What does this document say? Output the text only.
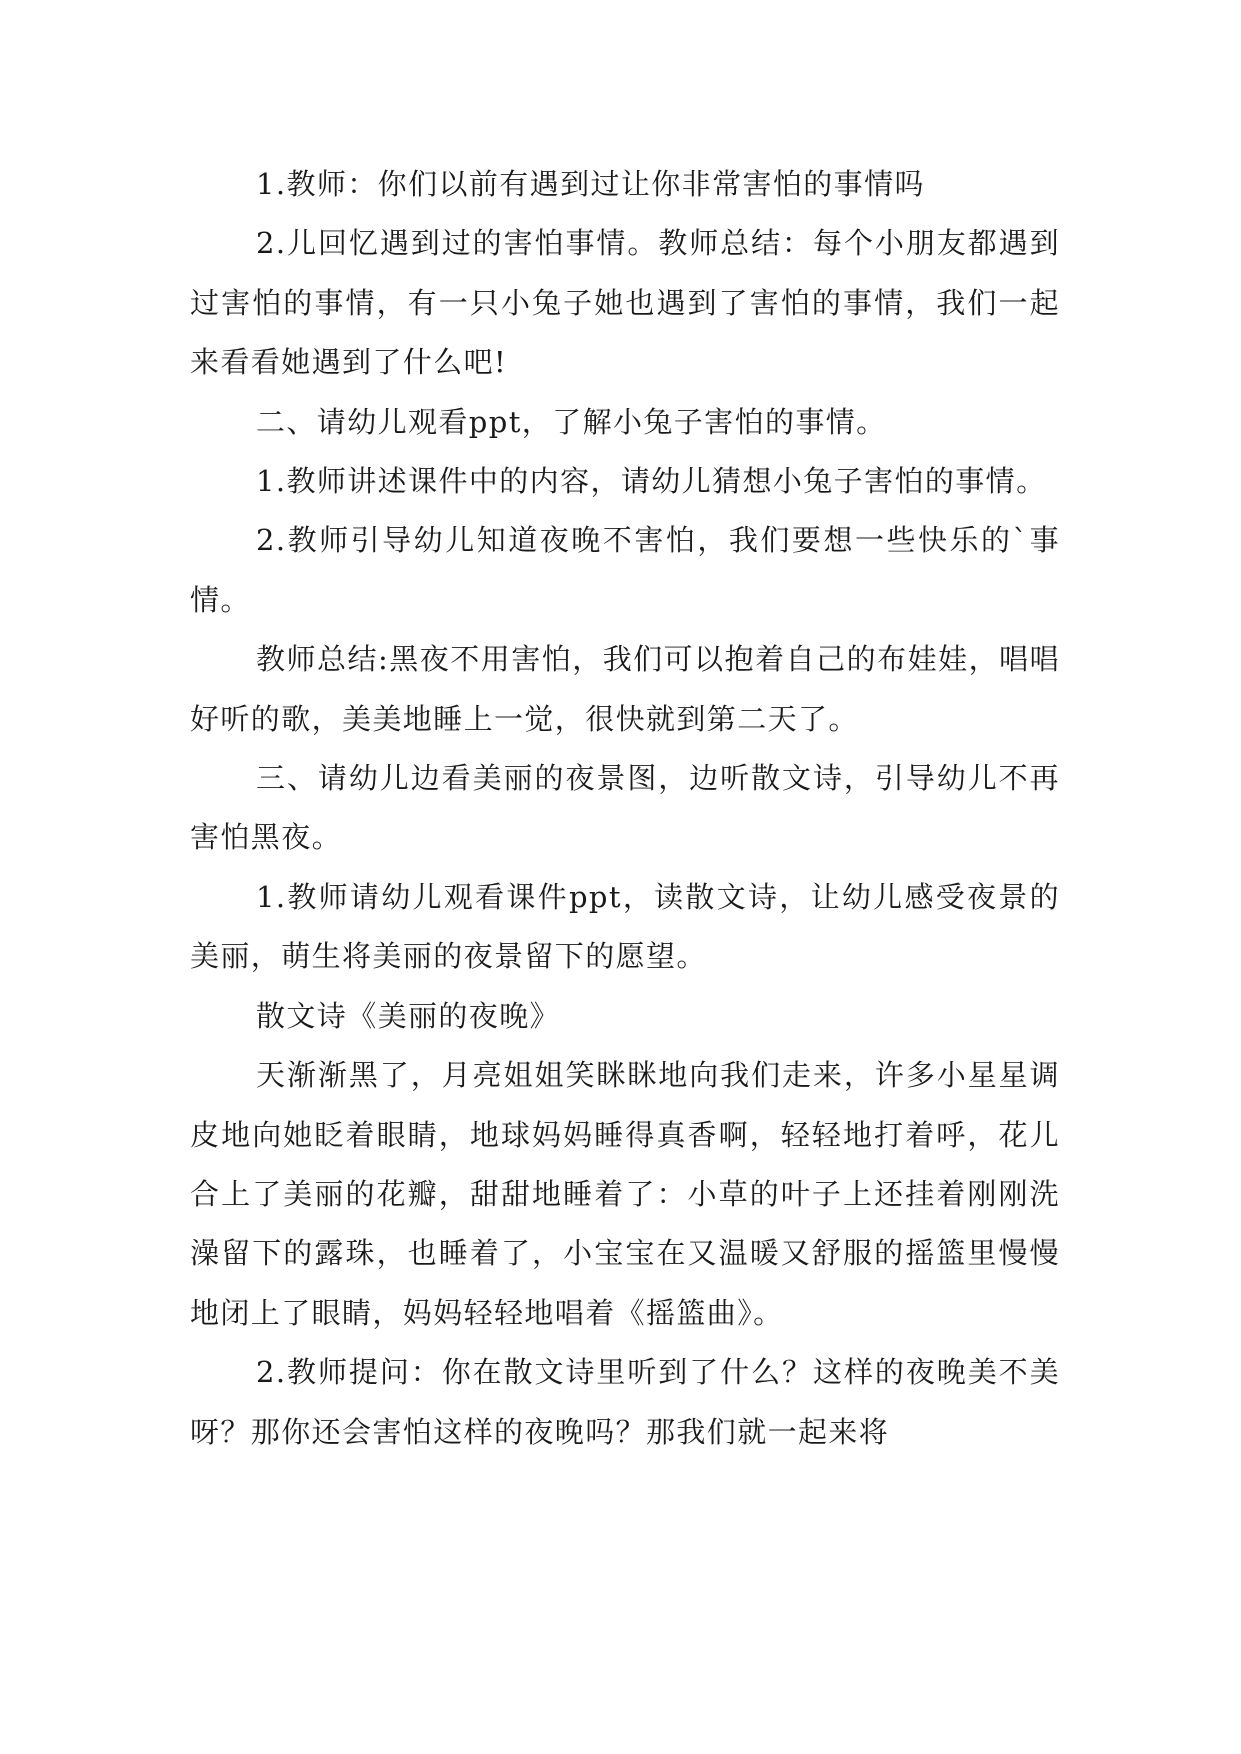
1.教师：你们以前有遇到过让你非常害怕的事情吗

2.儿回忆遇到过的害怕事情。教师总结：每个小朋友都遇到过害怕的事情，有一只小兔子她也遇到了害怕的事情，我们一起来看看她遇到了什么吧!

二、请幼儿观看ppt，了解小兔子害怕的事情。

1.教师讲述课件中的内容，请幼儿猜想小兔子害怕的事情。

2.教师引导幼儿知道夜晚不害怕，我们要想一些快乐的`事情。

教师总结:黑夜不用害怕，我们可以抱着自己的布娃娃，唱唱好听的歌，美美地睡上一觉，很快就到第二天了。

三、请幼儿边看美丽的夜景图，边听散文诗，引导幼儿不再害怕黑夜。

1.教师请幼儿观看课件ppt，读散文诗，让幼儿感受夜景的美丽，萌生将美丽的夜景留下的愿望。

散文诗《美丽的夜晚》

天渐渐黑了，月亮姐姐笑眯眯地向我们走来，许多小星星调皮地向她眨着眼睛，地球妈妈睡得真香啊，轻轻地打着呼，花儿合上了美丽的花瓣，甜甜地睡着了：小草的叶子上还挂着刚刚洗澡留下的露珠，也睡着了，小宝宝在又温暖又舒服的摇篮里慢慢地闭上了眼睛，妈妈轻轻地唱着《摇篮曲》。

2.教师提问：你在散文诗里听到了什么？这样的夜晚美不美呀？那你还会害怕这样的夜晚吗？那我们就一起来将
